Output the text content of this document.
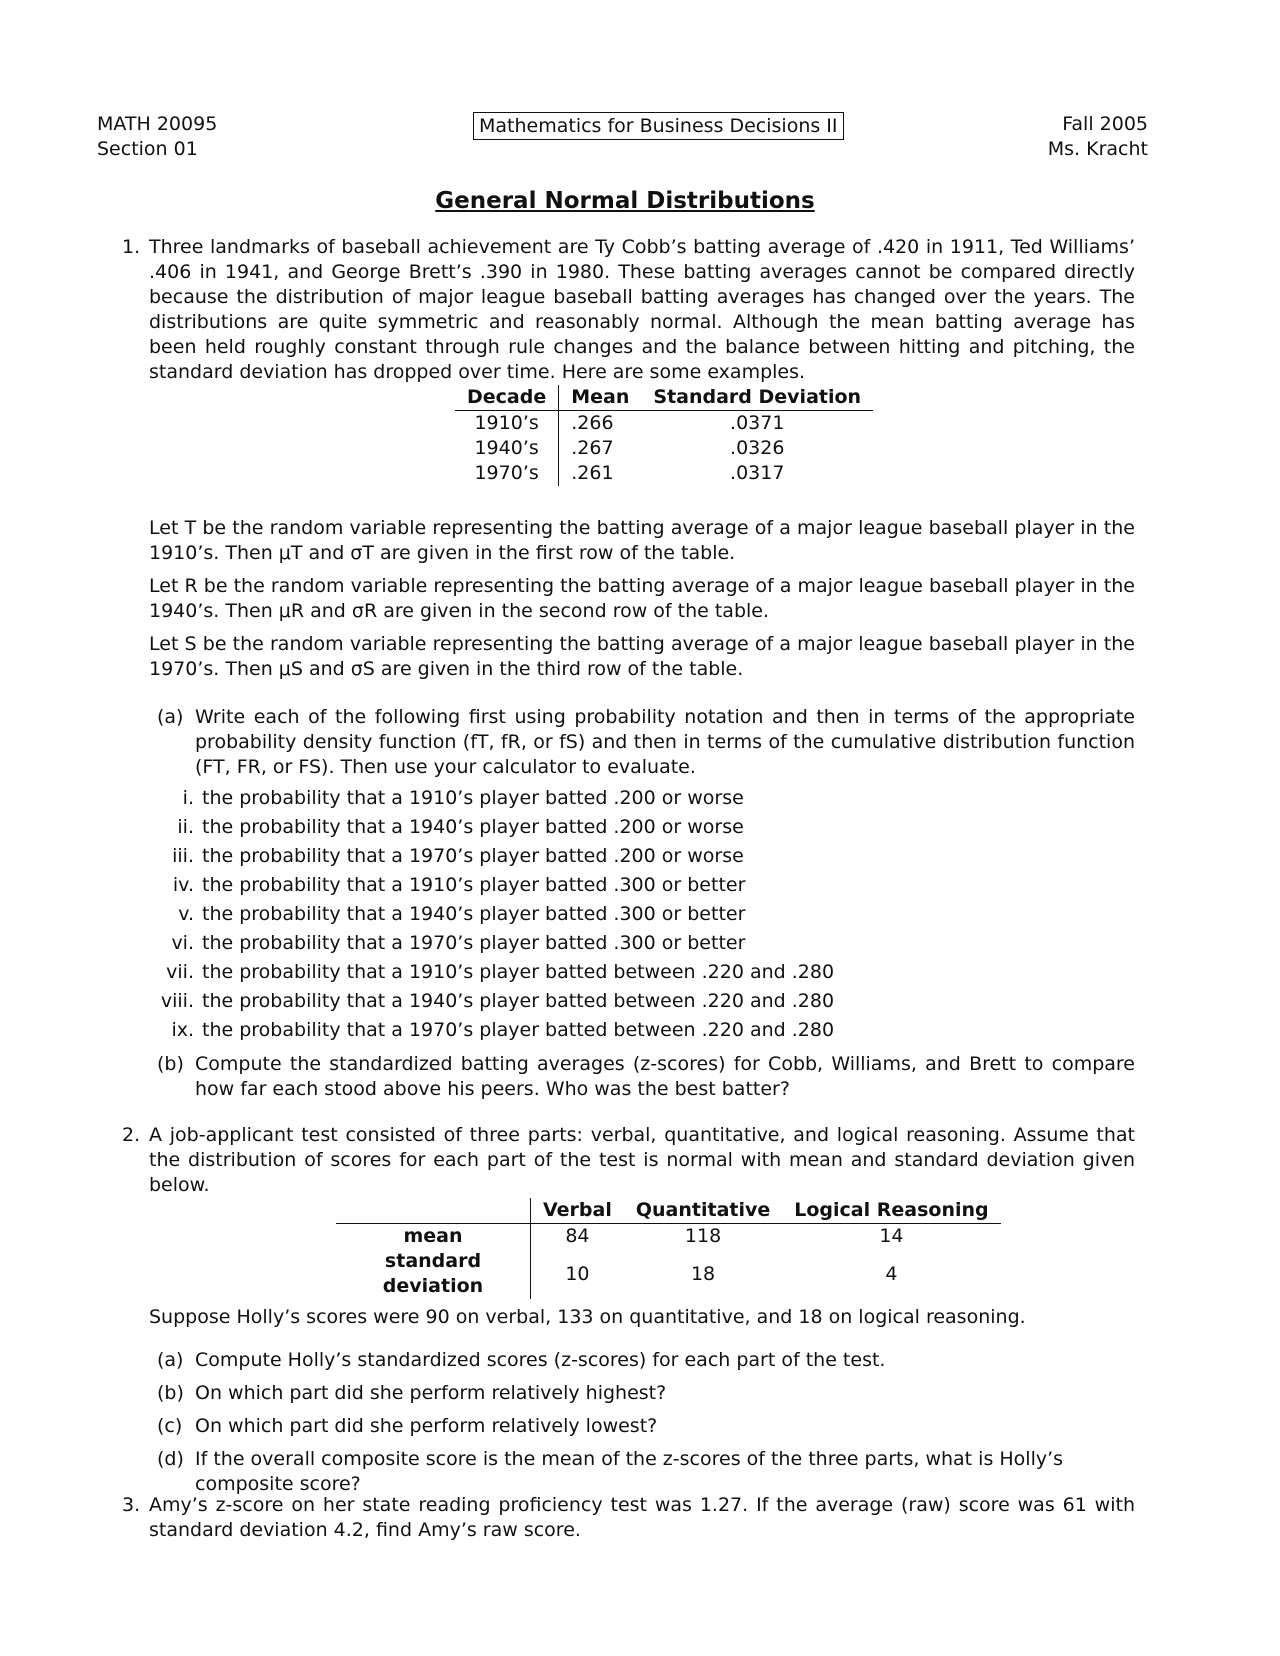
MATH 20095
Section 01
Mathematics for Business Decisions II	Fall 2005
Ms. Kracht
General Normal Distributions
1. Three landmarks of baseball achievement are Ty Cobb’s batting average of .420 in 1911, Ted Williams’ .406 in 1941, and George Brett’s .390 in 1980. These batting averages cannot be compared directly because the distribution of major league baseball batting averages has changed over the years. The distributions are quite symmetric and reasonably normal. Although the mean batting average has been held roughly constant through rule changes and the balance between hitting and pitching, the standard deviation has dropped over time. Here are some examples.
Decade	Mean	Standard Deviation
1910’s	.266	.0371
1940’s	.267	.0326
1970’s	.261	.0317
Let T be the random variable representing the batting average of a major league baseball player in the 1910’s. Then μT and σT are given in the first row of the table.
Let R be the random variable representing the batting average of a major league baseball player in the 1940’s. Then μR and σR are given in the second row of the table.
Let S be the random variable representing the batting average of a major league baseball player in the 1970’s. Then μS and σS are given in the third row of the table.
(a) Write each of the following first using probability notation and then in terms of the appropriate probability density function (fT, fR, or fS) and then in terms of the cumulative distribution function (FT, FR, or FS). Then use your calculator to evaluate.
i. the probability that a 1910’s player batted .200 or worse
ii. the probability that a 1940’s player batted .200 or worse
iii. the probability that a 1970’s player batted .200 or worse
iv. the probability that a 1910’s player batted .300 or better
v. the probability that a 1940’s player batted .300 or better
vi. the probability that a 1970’s player batted .300 or better
vii. the probability that a 1910’s player batted between .220 and .280
viii. the probability that a 1940’s player batted between .220 and .280
ix. the probability that a 1970’s player batted between .220 and .280
(b) Compute the standardized batting averages (z-scores) for Cobb, Williams, and Brett to compare how far each stood above his peers. Who was the best batter?
2. A job-applicant test consisted of three parts: verbal, quantitative, and logical reasoning. Assume that the distribution of scores for each part of the test is normal with mean and standard deviation given below.
	Verbal	Quantitative	Logical Reasoning
mean	84	118	14
standard deviation	10	18	4
Suppose Holly’s scores were 90 on verbal, 133 on quantitative, and 18 on logical reasoning.
(a) Compute Holly’s standardized scores (z-scores) for each part of the test.
(b) On which part did she perform relatively highest?
(c) On which part did she perform relatively lowest?
(d) If the overall composite score is the mean of the z-scores of the three parts, what is Holly’s composite score?
3. Amy’s z-score on her state reading proficiency test was 1.27. If the average (raw) score was 61 with standard deviation 4.2, find Amy’s raw score.
